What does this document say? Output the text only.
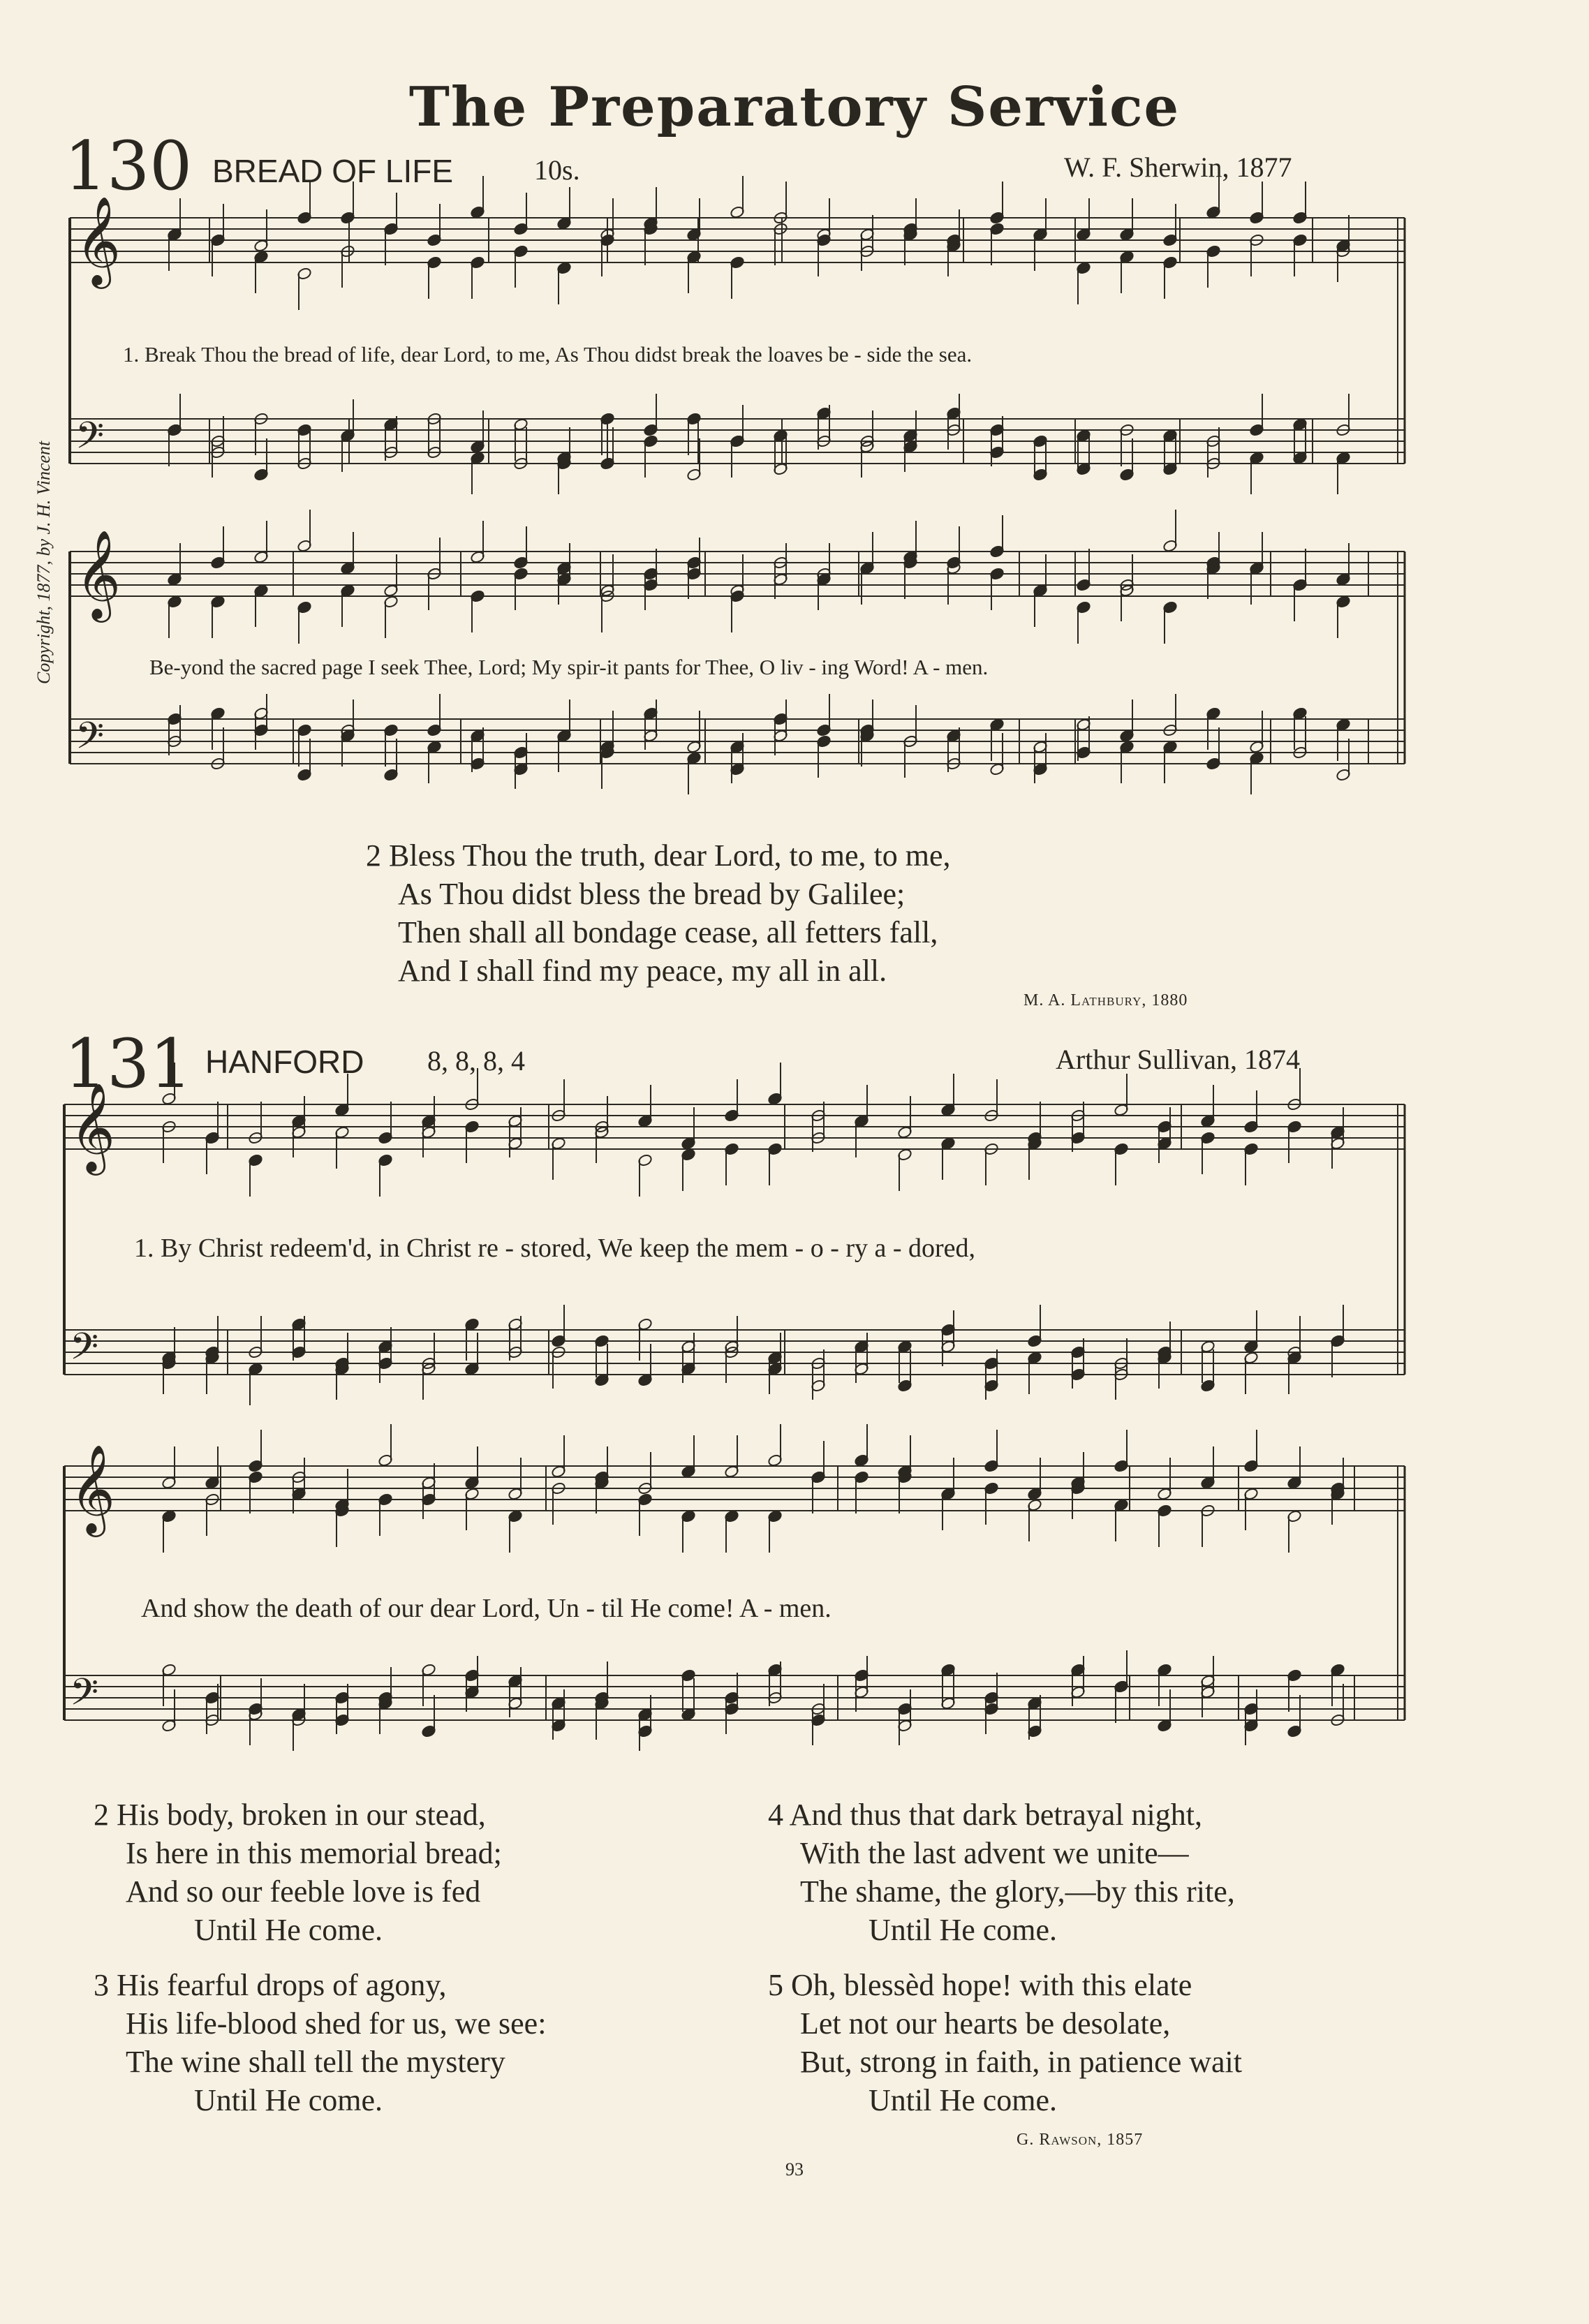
𝄞
𝄢
𝄞
𝄢
𝄞
𝄢
𝄞
𝄢
The Preparatory Service
Copyright, 1877, by J. H. Vincent
130 BREAD OF LIFE	10s.	W. F. Sherwin, 1877
1. Break Thou the bread of life, dear Lord, to me, As Thou didst break the loaves be - side the sea.
Be-yond the sacred page I seek Thee, Lord; My spir-it pants for Thee, O liv - ing Word! A - men.
2 Bless Thou the truth, dear Lord, to me, to me,
As Thou didst bless the bread by Galilee;
Then shall all bondage cease, all fetters fall,
And I shall find my peace, my all in all.
M. A. Lathbury, 1880
131 HANFORD 8, 8, 8, 4	Arthur Sullivan, 1874
1. By Christ redeem'd, in Christ re - stored, We keep the mem - o - ry a - dored,
And show the death of our dear Lord, Un - til He come! A - men.
2 His body, broken in our stead,
Is here in this memorial bread;
And so our feeble love is fed
Until He come.
3 His fearful drops of agony,
His life-blood shed for us, we see:
The wine shall tell the mystery
Until He come.
4 And thus that dark betrayal night,
With the last advent we unite—
The shame, the glory,—by this rite,
Until He come.
5 Oh, blessèd hope! with this elate
Let not our hearts be desolate,
But, strong in faith, in patience wait
Until He come.
G. Rawson, 1857
93
